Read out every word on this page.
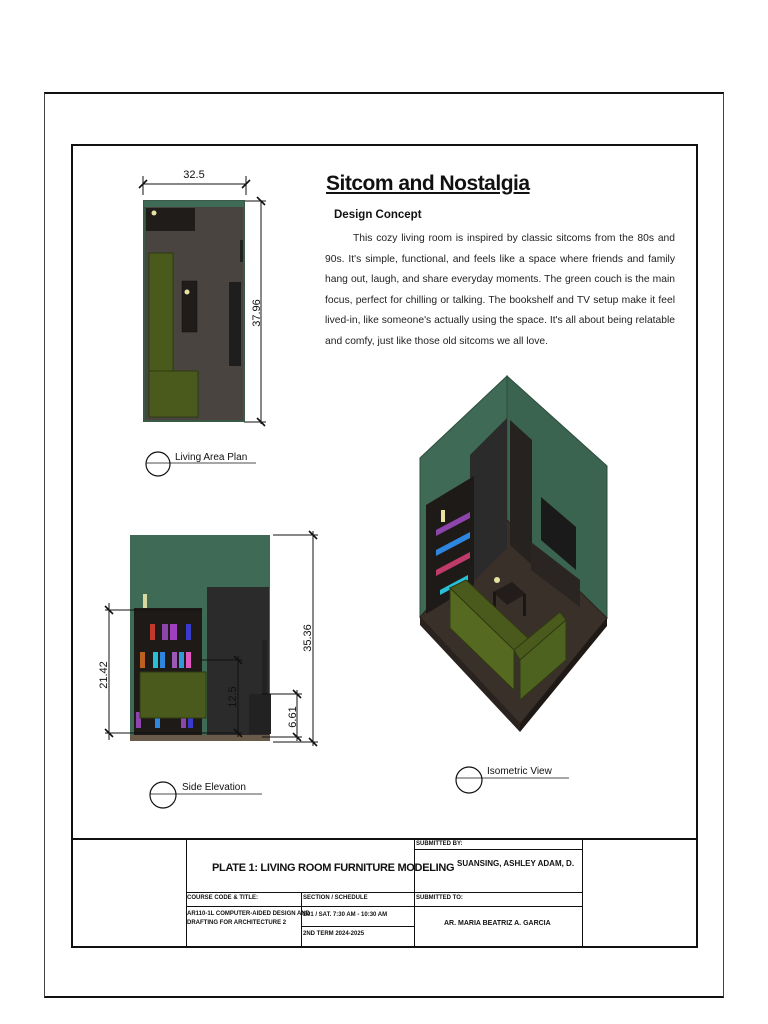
Living Area Plan
32.5
37.96
35.36
21.42
12.5
6.61
Side Elevation
Isometric View
Sitcom and Nostalgia
Design Concept

This cozy living room is inspired by classic sitcoms from the 80s and 90s. It's simple, functional, and feels like a space where friends and family hang out, laugh, and share everyday moments. The green couch is the main focus, perfect for chilling or talking. The bookshelf and TV setup make it feel lived-in, like someone's actually using the space. It's all about being relatable and comfy, just like those old sitcoms we all love.

PLATE 1: LIVING ROOM FURNITURE MODELING
SUBMITTED BY:
SUANSING, ASHLEY ADAM, D.
COURSE CODE & TITLE:
AR110-1L COMPUTER-AIDED DESIGN AND
DRAFTING FOR ARCHITECTURE 2
SECTION / SCHEDULE
E01 / SAT. 7:30 AM - 10:30 AM
2ND TERM 2024-2025
SUBMITTED TO:
AR. MARIA BEATRIZ A. GARCIA
